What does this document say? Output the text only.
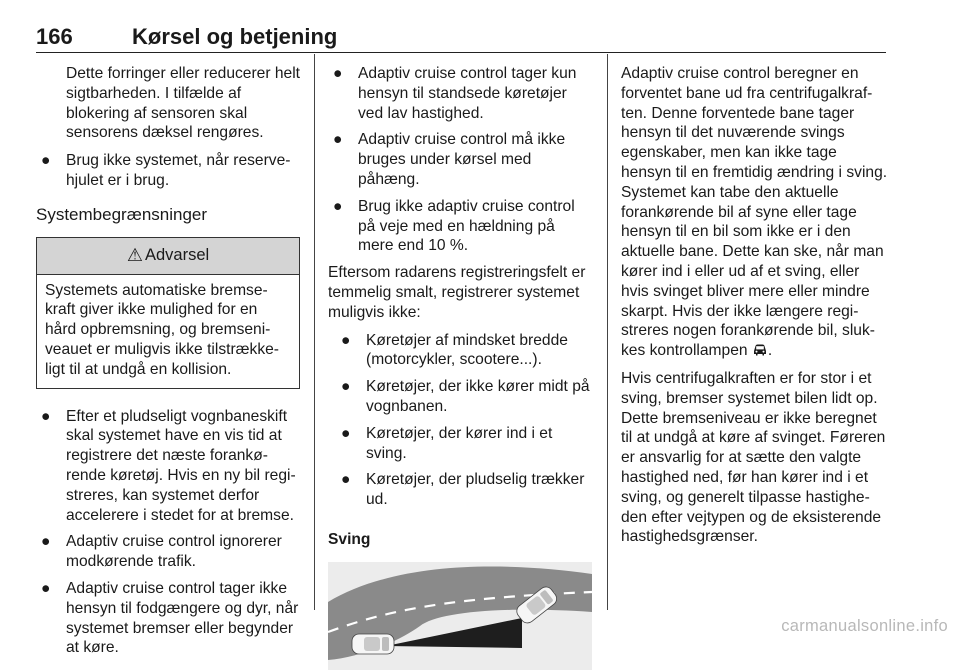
166	Kørsel og betjening
Dette forringer eller reducerer helt sigtbarheden. I tilfælde af blokering af sensoren skal sensorens dæksel rengøres.
● Brug ikke systemet, når reserve-hjulet er i brug.
Systembegrænsninger
⚠ Advarsel
Systemets automatiske bremse-kraft giver ikke mulighed for en hård opbremsning, og bremseni-veauet er muligvis ikke tilstrække-ligt til at undgå en kollision.
● Efter et pludseligt vognbaneskift skal systemet have en vis tid at registrere det næste forankø-rende køretøj. Hvis en ny bil regi-streres, kan systemet derfor accelerere i stedet for at bremse.
● Adaptiv cruise control ignorerer modkørende trafik.
● Adaptiv cruise control tager ikke hensyn til fodgængere og dyr, når systemet bremser eller begynder at køre.
● Adaptiv cruise control tager kun hensyn til standsede køretøjer ved lav hastighed.
● Adaptiv cruise control må ikke bruges under kørsel med påhæng.
● Brug ikke adaptiv cruise control på veje med en hældning på mere end 10 %.

Eftersom radarens registreringsfelt er temmelig smalt, registrerer systemet muligvis ikke:

● Køretøjer af mindsket bredde (motorcykler, scootere...).
● Køretøjer, der ikke kører midt på vognbanen.
● Køretøjer, der kører ind i et sving.
● Køretøjer, der pludselig trækker ud.
Sving

Adaptiv cruise control beregner en forventet bane ud fra centrifugalkraf-ten. Denne forventede bane tager hensyn til det nuværende svings egenskaber, men kan ikke tage hensyn til en fremtidig ændring i sving. Systemet kan tabe den aktuelle forankørende bil af syne eller tage hensyn til en bil som ikke er i den aktuelle bane. Dette kan ske, når man kører ind i eller ud af et sving, eller hvis svinget bliver mere eller mindre skarpt. Hvis der ikke længere regi-streres nogen forankørende bil, sluk-kes kontrollampen .

Hvis centrifugalkraften er for stor i et sving, bremser systemet bilen lidt op. Dette bremseniveau er ikke beregnet til at undgå at køre af svinget. Føreren er ansvarlig for at sætte den valgte hastighed ned, før han kører ind i et sving, og generelt tilpasse hastighe-den efter vejtypen og de eksisterende hastighedsgrænser.

carmanualsonline.info
